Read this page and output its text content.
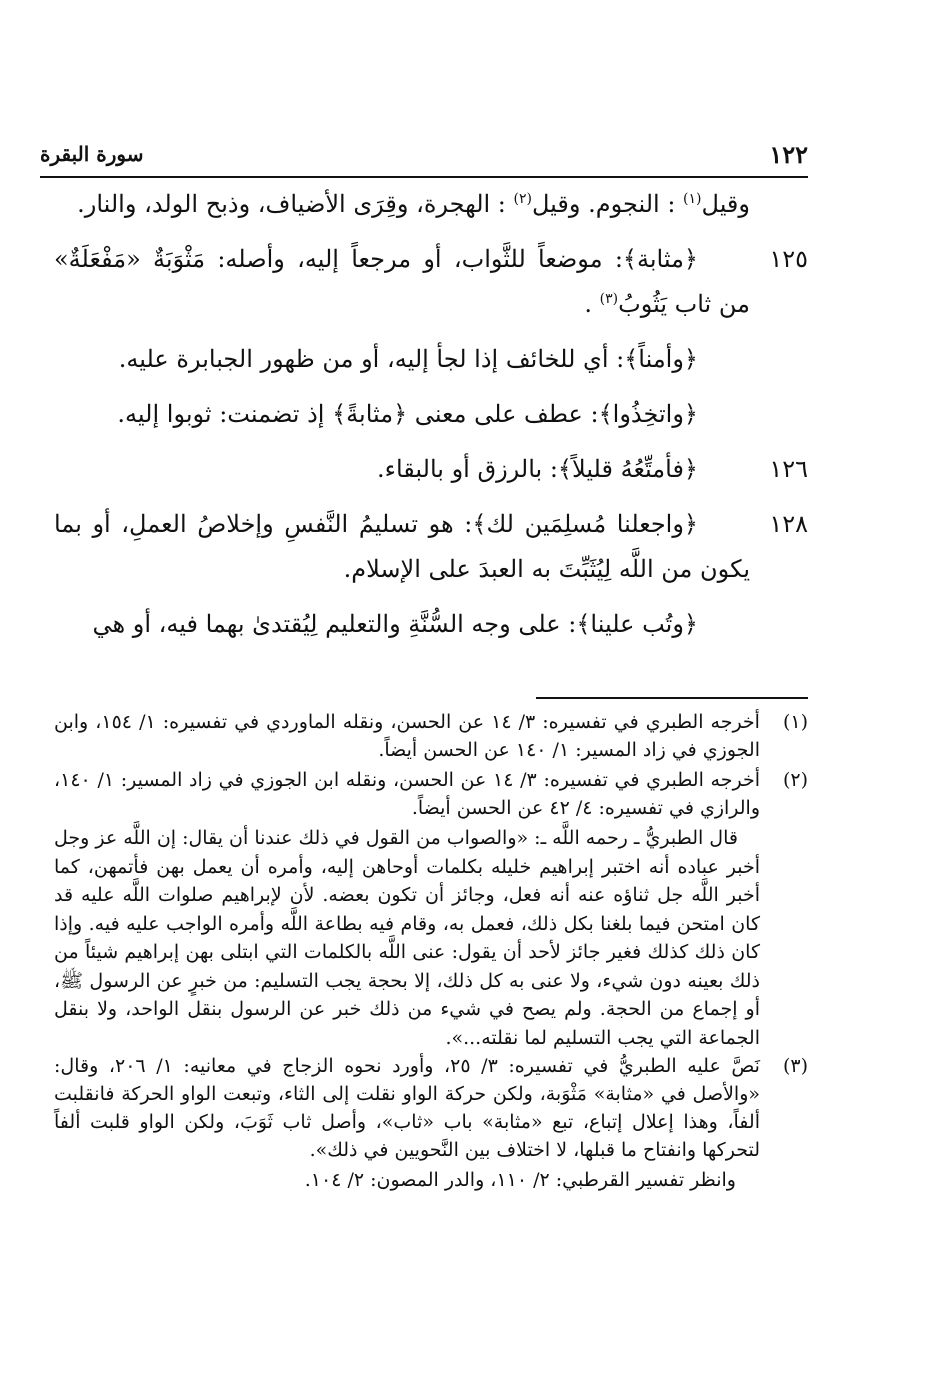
١٢٢
سورة البقرة

وقيل$^{(١)}$ : النجوم. وقيل$^{(٢)}$ : الهجرة، وقِرَى الأضياف، وذبح الولد، والنار.

١٢٥
﴿مثابة﴾: موضعاً للثَّواب، أو مرجعاً إليه، وأصله: مَثْوَبَةٌ «مَفْعَلَةٌ» من ثاب يَثُوبُ$^{(٣)}$ .

﴿وأمناً﴾: أي للخائف إذا لجأ إليه، أو من ظهور الجبابرة عليه.

﴿واتخِذُوا﴾: عطف على معنى ﴿مثابةً﴾ إذ تضمنت: ثوبوا إليه.

١٢٦
﴿فأمتِّعُهُ قليلاً﴾: بالرزق أو بالبقاء.

١٢٨
﴿واجعلنا مُسلِمَين لك﴾: هو تسليمُ النَّفسِ وإخلاصُ العملِ، أو بما يكون من اللَّه لِيُثَبِّتَ به العبدَ على الإسلام.

﴿وتُب علينا﴾: على وجه السُّنَّةِ والتعليم لِيُقتدىٰ بهما فيه، أو هي

(١)
أخرجه الطبري في تفسيره: ٣/ ١٤ عن الحسن، ونقله الماوردي في تفسيره: ١/ ١٥٤، وابن الجوزي في زاد المسير: ١/ ١٤٠ عن الحسن أيضاً.
(٢)
أخرجه الطبري في تفسيره: ٣/ ١٤ عن الحسن، ونقله ابن الجوزي في زاد المسير: ١/ ١٤٠، والرازي في تفسيره: ٤/ ٤٢ عن الحسن أيضاً.
قال الطبريُّ ـ رحمه اللَّه ـ: «والصواب من القول في ذلك عندنا أن يقال: إن اللَّه عز وجل أخبر عباده أنه اختبر إبراهيم خليله بكلمات أوحاهن إليه، وأمره أن يعمل بهن فأتمهن، كما أخبر اللَّه جل ثناؤه عنه أنه فعل، وجائز أن تكون بعضه. لأن لإبراهيم صلوات اللَّه عليه قد كان امتحن فيما بلغنا بكل ذلك، فعمل به، وقام فيه بطاعة اللَّه وأمره الواجب عليه فيه. وإذا كان ذلك كذلك فغير جائز لأحد أن يقول: عنى اللَّه بالكلمات التي ابتلى بهن إبراهيم شيئاً من ذلك بعينه دون شيء، ولا عنى به كل ذلك، إلا بحجة يجب التسليم: من خبرٍ عن الرسول ﷺ، أو إجماع من الحجة. ولم يصح في شيء من ذلك خبر عن الرسول بنقل الواحد، ولا بنقل الجماعة التي يجب التسليم لما نقلته...».
(٣)
نَصَّ عليه الطبريُّ في تفسيره: ٣/ ٢٥، وأورد نحوه الزجاج في معانيه: ١/ ٢٠٦، وقال: «والأصل في «مثابة» مَثْوَبة، ولكن حركة الواو نقلت إلى الثاء، وتبعت الواو الحركة فانقلبت ألفاً، وهذا إعلال إتباع، تبع «مثابة» باب «ثاب»، وأصل ثاب ثَوَبَ، ولكن الواو قلبت ألفاً لتحركها وانفتاح ما قبلها، لا اختلاف بين النَّحويين في ذلك».
وانظر تفسير القرطبي: ٢/ ١١٠، والدر المصون: ٢/ ١٠٤.
